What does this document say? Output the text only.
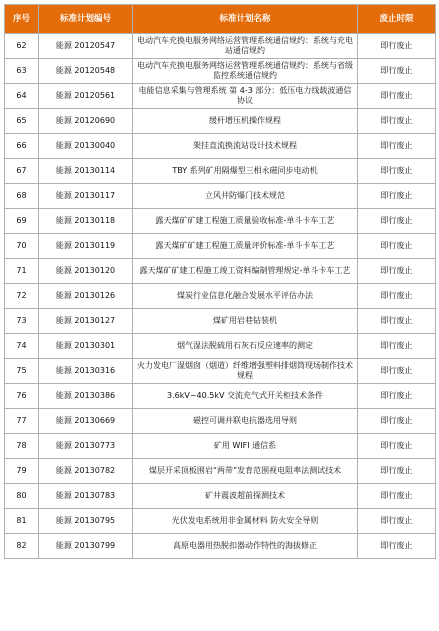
序号	标准计划编号	标准计划名称	废止时限
62	能源 20120547	电动汽车充换电服务网络运营管理系统通信规约：系统与充电站通信规约	即行废止
63	能源 20120548	电动汽车充换电服务网络运营管理系统通信规约：系统与省级监控系统通信规约	即行废止
64	能源 20120561	电能信息采集与管理系统 第 4-3 部分：低压电力线载波通信协议	即行废止
65	能源 20120690	缓杆增压机操作规程	即行废止
66	能源 20130040	架挂直流换流站设计技术规程	即行废止
67	能源 20130114	TBY 系列矿用隔爆型三相永磁同步电动机	即行废止
68	能源 20130117	立风井防爆门技术规范	即行废止
69	能源 20130118	露天煤矿矿建工程施工质量验收标准-单斗卡车工艺	即行废止
70	能源 20130119	露天煤矿矿建工程施工质量评价标准-单斗卡车工艺	即行废止
71	能源 20130120	露天煤矿矿建工程施工竣工资料编制管理规定-单斗卡车工艺	即行废止
72	能源 20130126	煤炭行业信息化融合发展水平评估办法	即行废止
73	能源 20130127	煤矿用岩巷钻装机	即行废止
74	能源 20130301	烟气湿法脱硫用石灰石反应速率的测定	即行废止
75	能源 20130316	火力发电厂湿烟囱（烟道）纤维增强塑料排烟筒现场制作技术规程	即行废止
76	能源 20130386	3.6kV~40.5kV 交流充气式开关柜技术条件	即行废止
77	能源 20130669	磁控可调并联电抗器选用导则	即行废止
78	能源 20130773	矿用 WIFI 通信系	即行废止
79	能源 20130782	煤层开采顶板围岩“两带”发育范围视电阻率法测试技术	即行废止
80	能源 20130783	矿井震波超前探测技术	即行废止
81	能源 20130795	光伏发电系统用非金属材料 防火安全导则	即行废止
82	能源 20130799	高原电器用热脱扣器动作特性的海拔修正	即行废止
